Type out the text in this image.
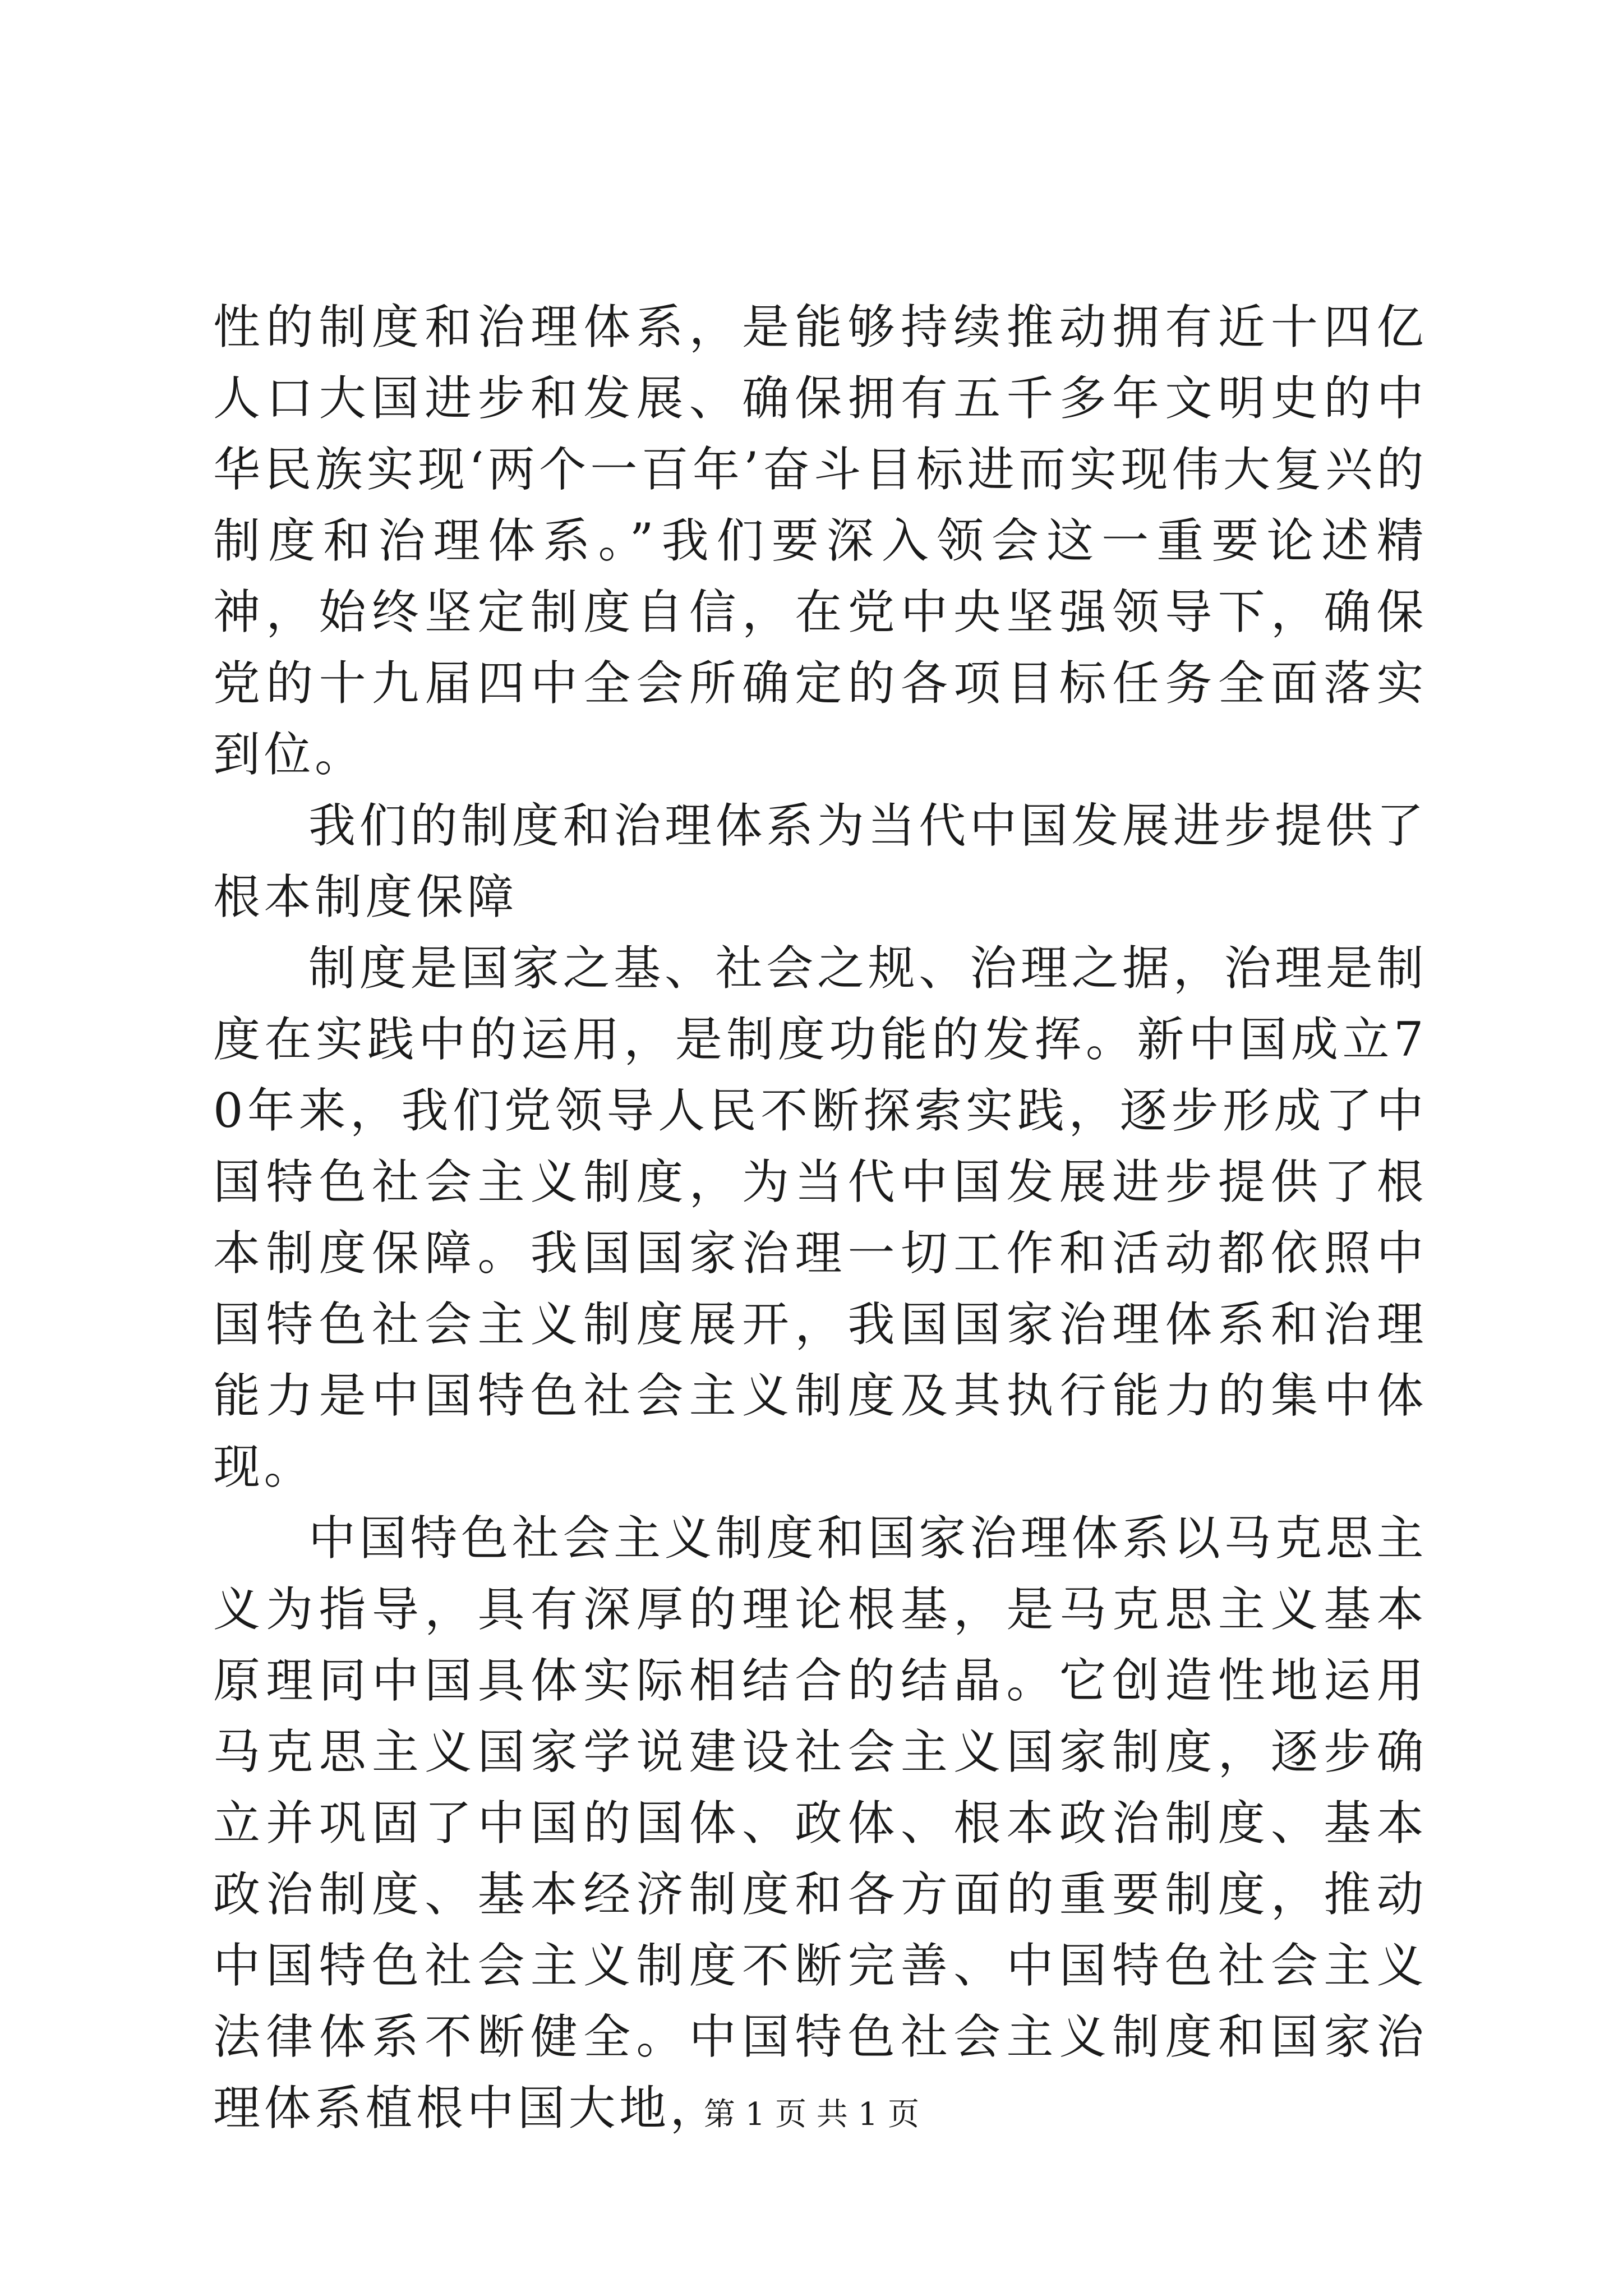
性的制度和治理体系，是能够持续推动拥有近十四亿人口大国进步和发展、确保拥有五千多年文明史的中华民族实现‘两个一百年’奋斗目标进而实现伟大复兴的制度和治理体系。”我们要深入领会这一重要论述精神，始终坚定制度自信，在党中央坚强领导下，确保党的十九届四中全会所确定的各项目标任务全面落实到位。

我们的制度和治理体系为当代中国发展进步提供了根本制度保障

制度是国家之基、社会之规、治理之据，治理是制度在实践中的运用，是制度功能的发挥。新中国成立70年来，我们党领导人民不断探索实践，逐步形成了中国特色社会主义制度，为当代中国发展进步提供了根本制度保障。我国国家治理一切工作和活动都依照中国特色社会主义制度展开，我国国家治理体系和治理能力是中国特色社会主义制度及其执行能力的集中体现。

中国特色社会主义制度和国家治理体系以马克思主义为指导，具有深厚的理论根基，是马克思主义基本原理同中国具体实际相结合的结晶。它创造性地运用马克思主义国家学说建设社会主义国家制度，逐步确立并巩固了中国的国体、政体、根本政治制度、基本政治制度、基本经济制度和各方面的重要制度，推动中国特色社会主义制度不断完善、中国特色社会主义法律体系不断健全。中国特色社会主义制度和国家治理体系植根中国大地，

第 1 页 共 1 页
